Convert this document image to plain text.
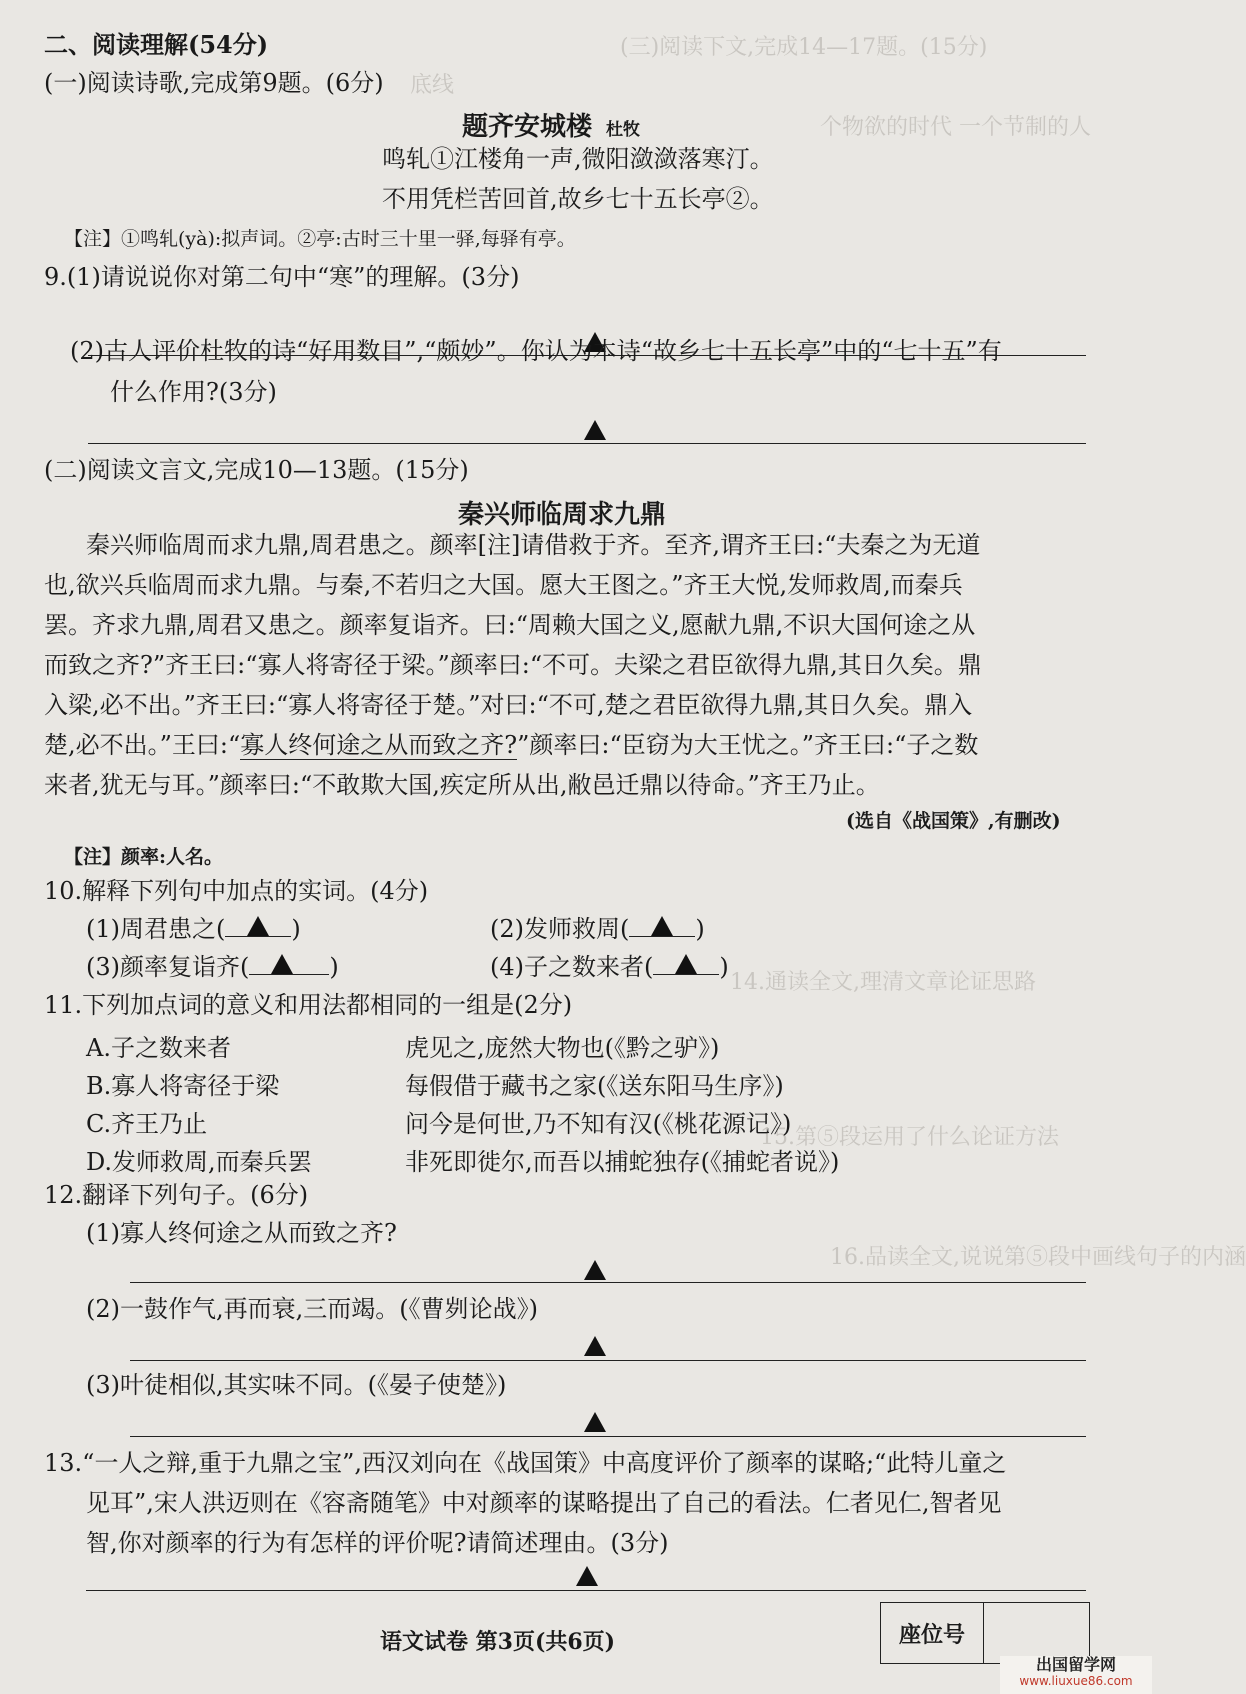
(三)阅读下文,完成14—17题。(15分)
底线
个物欲的时代 一个节制的人
14.通读全文,理清文章论证思路
15.第⑤段运用了什么论证方法
16.品读全文,说说第⑤段中画线句子的内涵
二、阅读理解(54分)
(一)阅读诗歌,完成第9题。(6分)
题齐安城楼 杜牧
鸣轧①江楼角一声,微阳潋潋落寒汀。
不用凭栏苦回首,故乡七十五长亭②。
【注】①鸣轧(yà):拟声词。②亭:古时三十里一驿,每驿有亭。
9.(1)请说说你对第二句中“寒”的理解。(3分)
(2)古人评价杜牧的诗“好用数目”,“颇妙”。你认为本诗“故乡七十五长亭”中的“七十五”有
什么作用?(3分)
(二)阅读文言文,完成10—13题。(15分)
秦兴师临周求九鼎
秦兴师临周而求九鼎,周君患之。颜率[注]请借救于齐。至齐,谓齐王曰:“夫秦之为无道
也,欲兴兵临周而求九鼎。与秦,不若归之大国。愿大王图之。”齐王大悦,发师救周,而秦兵
罢。齐求九鼎,周君又患之。颜率复诣齐。曰:“周赖大国之义,愿献九鼎,不识大国何途之从
而致之齐?”齐王曰:“寡人将寄径于梁。”颜率曰:“不可。夫梁之君臣欲得九鼎,其日久矣。鼎
入梁,必不出。”齐王曰:“寡人将寄径于楚。”对曰:“不可,楚之君臣欲得九鼎,其日久矣。鼎入
楚,必不出。”王曰:“寡人终何途之从而致之齐?”颜率曰:“臣窃为大王忧之。”齐王曰:“子之数
来者,犹无与耳。”颜率曰:“不敢欺大国,疾定所从出,敝邑迁鼎以待命。”齐王乃止。
(选自《战国策》,有删改)
【注】颜率:人名。
10.解释下列句中加点的实词。(4分)
(1)周君患之(	)	(2)发师救周(	)
(3)颜率复诣齐(	)	(4)子之数来者(	)
11.下列加点词的意义和用法都相同的一组是(2分)
A.子之数来者	虎见之,庞然大物也(《黔之驴》)
B.寡人将寄径于梁	每假借于藏书之家(《送东阳马生序》)
C.齐王乃止	问今是何世,乃不知有汉(《桃花源记》)
D.发师救周,而秦兵罢	非死即徙尔,而吾以捕蛇独存(《捕蛇者说》)
12.翻译下列句子。(6分)
(1)寡人终何途之从而致之齐?
(2)一鼓作气,再而衰,三而竭。(《曹刿论战》)
(3)叶徒相似,其实味不同。(《晏子使楚》)
13.“一人之辩,重于九鼎之宝”,西汉刘向在《战国策》中高度评价了颜率的谋略;“此特儿童之
见耳”,宋人洪迈则在《容斋随笔》中对颜率的谋略提出了自己的看法。仁者见仁,智者见
智,你对颜率的行为有怎样的评价呢?请简述理由。(3分)
语文试卷 第3页(共6页)	座位号
出国留学网
www.liuxue86.com
